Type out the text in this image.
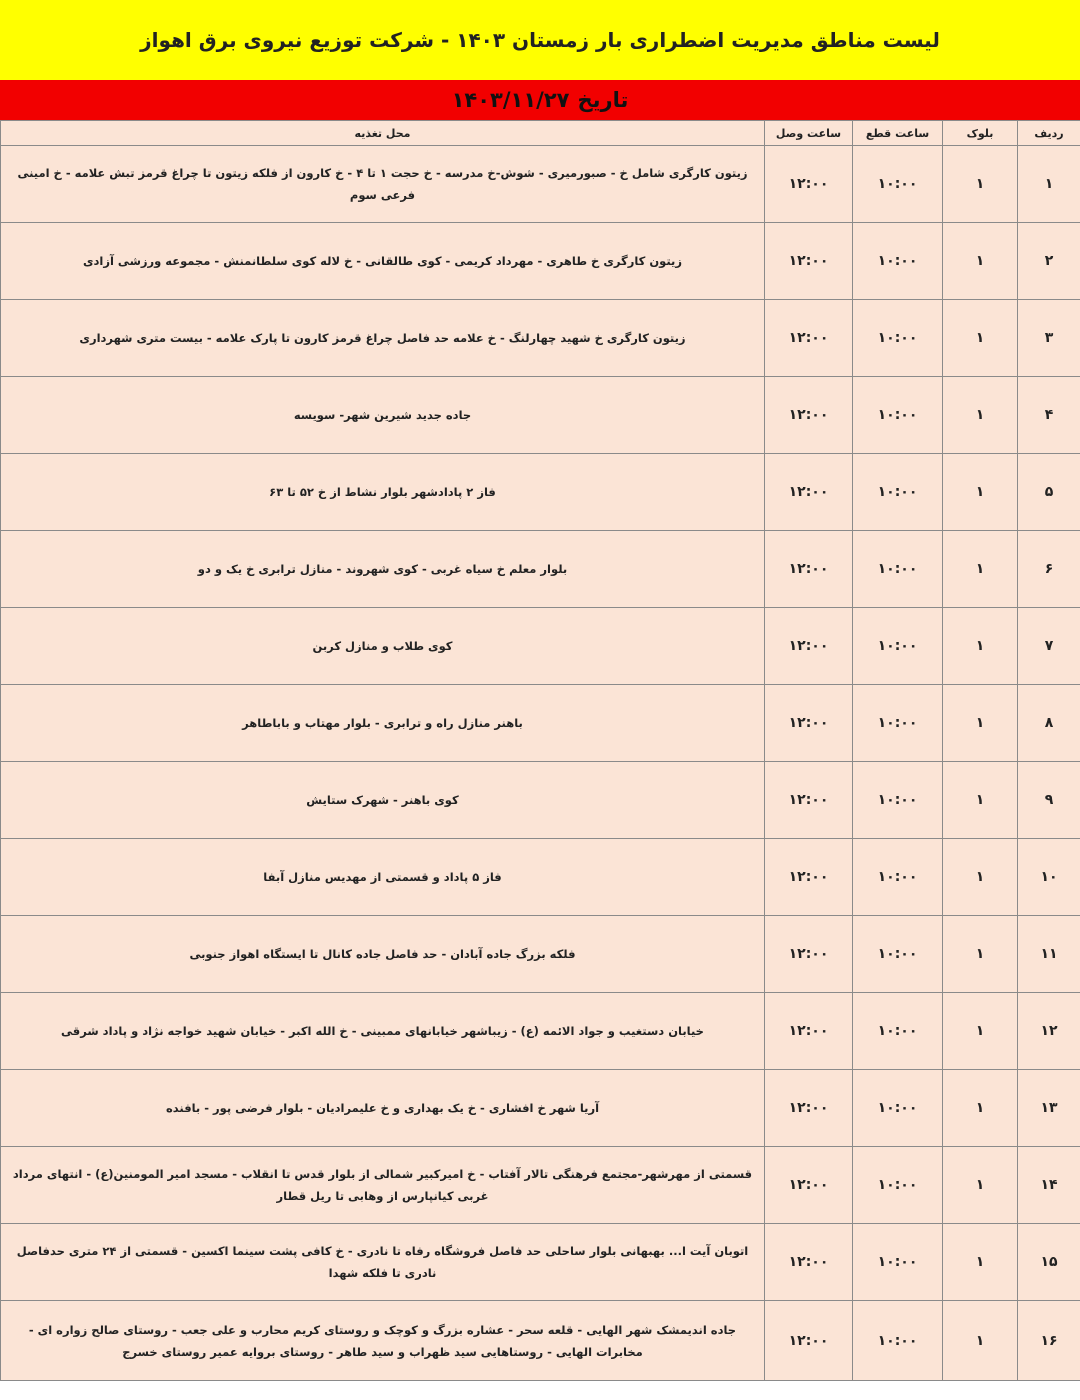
لیست مناطق مدیریت اضطراری بار زمستان ۱۴۰۳ - شرکت توزیع نیروی برق اهواز
تاریخ
۱۴۰۳/۱۱/۲۷
ردیف	بلوک	ساعت قطع	ساعت وصل	محل تغذیه
۱	۱	۱۰:۰۰	۱۲:۰۰	زیتون کارگری شامل خ - صبورمیری - شوش-خ مدرسه - خ حجت ۱ تا ۴ - خ کارون از فلکه زیتون تا چراغ قرمز تبش علامه - خ امینی فرعی سوم
۲	۱	۱۰:۰۰	۱۲:۰۰	زیتون کارگری خ طاهری - مهرداد کریمی - کوی طالقانی - خ لاله کوی سلطانمنش - مجموعه ورزشی آزادی
۳	۱	۱۰:۰۰	۱۲:۰۰	زیتون کارگری خ شهید چهارلنگ - خ علامه حد فاصل چراغ قرمز کارون تا پارک علامه - بیست متری شهرداری
۴	۱	۱۰:۰۰	۱۲:۰۰	جاده جدید شیرین شهر- سویسه
۵	۱	۱۰:۰۰	۱۲:۰۰	فاز ۲ پادادشهر بلوار نشاط از خ ۵۲ تا ۶۳
۶	۱	۱۰:۰۰	۱۲:۰۰	بلوار معلم خ سیاه غربی - کوی شهروند - منازل ترابری خ یک و دو
۷	۱	۱۰:۰۰	۱۲:۰۰	کوی طلاب و منازل کربن
۸	۱	۱۰:۰۰	۱۲:۰۰	باهنر منازل راه و ترابری - بلوار مهتاب و باباطاهر
۹	۱	۱۰:۰۰	۱۲:۰۰	کوی باهنر - شهرک ستایش
۱۰	۱	۱۰:۰۰	۱۲:۰۰	فاز ۵ پاداد و قسمتی از مهدیس منازل آبفا
۱۱	۱	۱۰:۰۰	۱۲:۰۰	فلکه بزرگ جاده آبادان - حد فاصل جاده کانال تا ایستگاه اهواز جنوبی
۱۲	۱	۱۰:۰۰	۱۲:۰۰	خیابان دستغیب و جواد الائمه (ع) - زیباشهر خیابانهای ممبینی - خ الله اکبر - خیابان شهید خواجه نژاد و پاداد شرقی
۱۳	۱	۱۰:۰۰	۱۲:۰۰	آریا شهر خ افشاری - خ یک بهداری و خ علیمرادیان - بلوار فرضی پور - بافنده
۱۴	۱	۱۰:۰۰	۱۲:۰۰	قسمتی از مهرشهر-مجتمع فرهنگی تالار آفتاب - خ امیرکبیر شمالی از بلوار قدس تا انقلاب - مسجد امیر المومنین(ع) - انتهای مرداد غربی کیانپارس از وهابی تا ریل قطار
۱۵	۱	۱۰:۰۰	۱۲:۰۰	اتوبان آیت ا... بهبهانی بلوار ساحلی حد فاصل فروشگاه رفاه تا نادری - خ کافی پشت سینما اکسین - قسمتی از ۲۴ متری حدفاصل نادری تا فلکه شهدا
۱۶	۱	۱۰:۰۰	۱۲:۰۰	جاده اندیمشک شهر الهایی - قلعه سحر - عشاره بزرگ و کوچک و روستای کریم محارب و علی جعب - روستای صالح زواره ای - مخابرات الهایی - روستاهایی سید ظهراب و سید طاهر - روستای بروایه عمیر روستای خسرج
